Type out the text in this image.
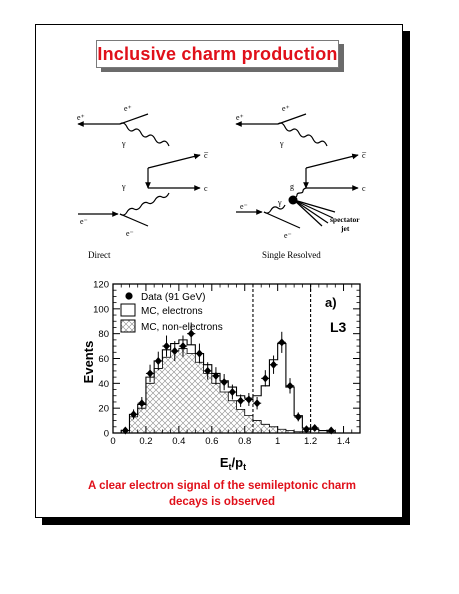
Inclusive charm production
e⁺
e⁺
γ
c̅
c
γ
e⁻
e⁻
Direct
e⁺
e⁺
γ
c̅
g	c
γ
e⁻
e⁻
spectator
jet
Single Resolved
0 0.2 0.4 0.6 0.8 1 1.2 1.4
0
20
40
60
80
100
120
Data (91 GeV)
MC, electrons
MC, non-electrons
a)
L3
Events
$E_t/p_t$
A clear electron signal of the semileptonic charm
decays is observed
